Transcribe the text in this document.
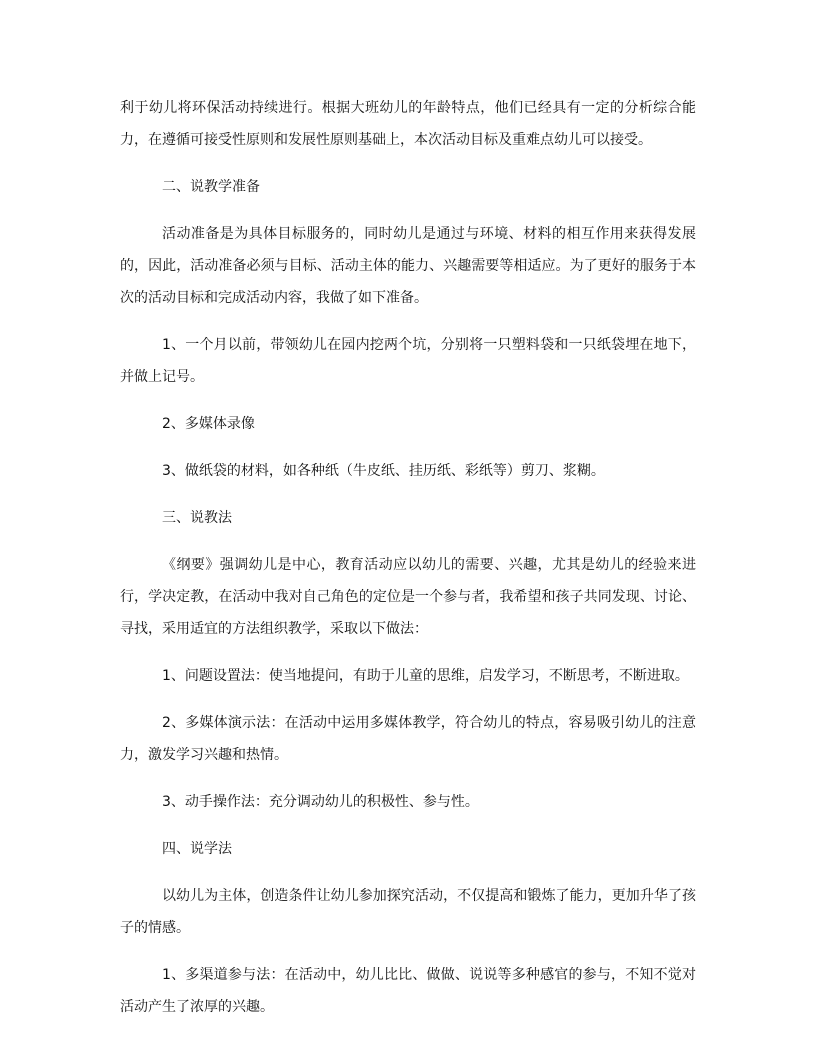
利于幼儿将环保活动持续进行。根据大班幼儿的年龄特点，他们已经具有一定的分析综合能力，在遵循可接受性原则和发展性原则基础上，本次活动目标及重难点幼儿可以接受。

二、说教学准备

活动准备是为具体目标服务的，同时幼儿是通过与环境、材料的相互作用来获得发展的，因此，活动准备必须与目标、活动主体的能力、兴趣需要等相适应。为了更好的服务于本次的活动目标和完成活动内容，我做了如下准备。

1、一个月以前，带领幼儿在园内挖两个坑，分别将一只塑料袋和一只纸袋埋在地下，并做上记号。

2、多媒体录像

3、做纸袋的材料，如各种纸（牛皮纸、挂历纸、彩纸等）剪刀、浆糊。

三、说教法

《纲要》强调幼儿是中心，教育活动应以幼儿的需要、兴趣，尤其是幼儿的经验来进行，学决定教，在活动中我对自己角色的定位是一个参与者，我希望和孩子共同发现、讨论、寻找，采用适宜的方法组织教学，采取以下做法：

1、问题设置法：使当地提问，有助于儿童的思维，启发学习，不断思考，不断进取。

2、多媒体演示法：在活动中运用多媒体教学，符合幼儿的特点，容易吸引幼儿的注意力，激发学习兴趣和热情。

3、动手操作法：充分调动幼儿的积极性、参与性。

四、说学法

以幼儿为主体，创造条件让幼儿参加探究活动，不仅提高和锻炼了能力，更加升华了孩子的情感。

1、多渠道参与法：在活动中，幼儿比比、做做、说说等多种感官的参与，不知不觉对活动产生了浓厚的兴趣。
